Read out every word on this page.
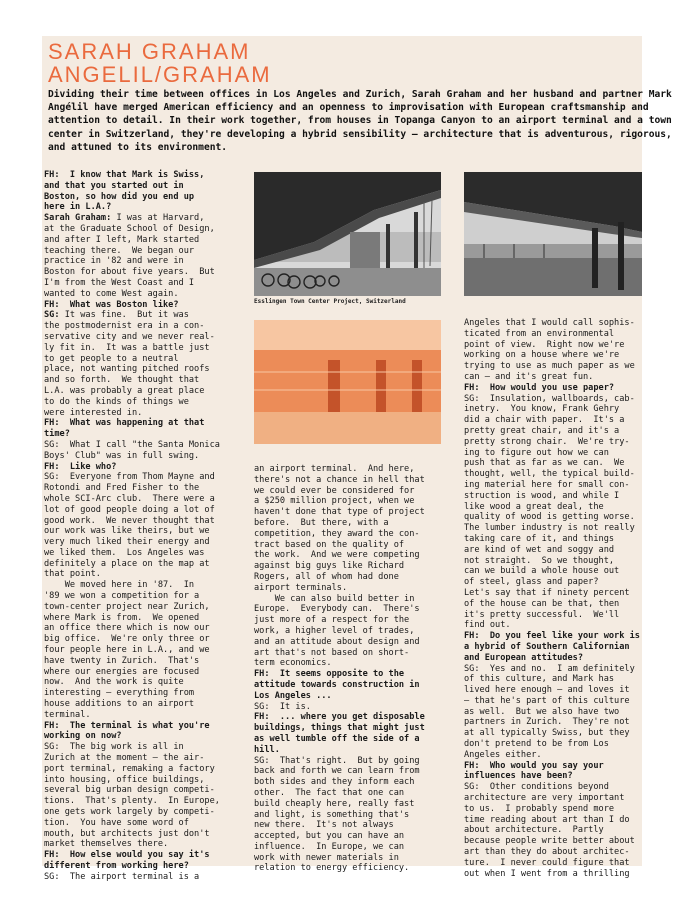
SARAH GRAHAM
ANGELIL/GRAHAM

Dividing their time between offices in Los Angeles and Zurich, Sarah Graham and her husband and partner Mark Angélil have merged American efficiency and an openness to improvisation with European craftsmanship and attention to detail. In their work together, from houses in Topanga Canyon to an airport terminal and a town center in Switzerland, they're developing a hybrid sensibility — architecture that is adventurous, rigorous, and attuned to its environment.

Esslingen Town Center Project, Switzerland
FH:  I know that Mark is Swiss,
and that you started out in
Boston, so how did you end up
here in L.A.?
Sarah Graham: I was at Harvard,
at the Graduate School of Design,
and after I left, Mark started
teaching there.  We began our
practice in '82 and were in
Boston for about five years.  But
I'm from the West Coast and I
wanted to come West again.
FH:  What was Boston like?
SG: It was fine.  But it was
the postmodernist era in a con-
servative city and we never real-
ly fit in.  It was a battle just
to get people to a neutral
place, not wanting pitched roofs
and so forth.  We thought that
L.A. was probably a great place
to do the kinds of things we
were interested in.
FH:  What was happening at that
time?
SG:  What I call "the Santa Monica
Boys' Club" was in full swing.
FH:  Like who?
SG:  Everyone from Thom Mayne and
Rotondi and Fred Fisher to the
whole SCI-Arc club.  There were a
lot of good people doing a lot of
good work.  We never thought that
our work was like theirs, but we
very much liked their energy and
we liked them.  Los Angeles was
definitely a place on the map at
that point.
We moved here in '87.  In
'89 we won a competition for a
town-center project near Zurich,
where Mark is from.  We opened
an office there which is now our
big office.  We're only three or
four people here in L.A., and we
have twenty in Zurich.  That's
where our energies are focused
now.  And the work is quite
interesting — everything from
house additions to an airport
terminal.
FH:  The terminal is what you're
working on now?
SG:  The big work is all in
Zurich at the moment — the air-
port terminal, remaking a factory
into housing, office buildings,
several big urban design competi-
tions.  That's plenty.  In Europe,
one gets work largely by competi-
tion.  You have some word of
mouth, but architects just don't
market themselves there.
FH:  How else would you say it's
different from working here?
SG:  The airport terminal is a
an airport terminal.  And here,
there's not a chance in hell that
we could ever be considered for
a $250 million project, when we
haven't done that type of project
before.  But there, with a
competition, they award the con-
tract based on the quality of
the work.  And we were competing
against big guys like Richard
Rogers, all of whom had done
airport terminals.
We can also build better in
Europe.  Everybody can.  There's
just more of a respect for the
work, a higher level of trades,
and an attitude about design and
art that's not based on short-
term economics.
FH:  It seems opposite to the
attitude towards construction in
Los Angeles ...
SG:  It is.
FH:  ... where you get disposable
buildings, things that might just
as well tumble off the side of a
hill.
SG:  That's right.  But by going
back and forth we can learn from
both sides and they inform each
other.  The fact that one can
build cheaply here, really fast
and light, is something that's
new there.  It's not always
accepted, but you can have an
influence.  In Europe, we can
work with newer materials in
relation to energy efficiency.
Angeles that I would call sophis-
ticated from an environmental
point of view.  Right now we're
working on a house where we're
trying to use as much paper as we
can — and it's great fun.
FH:  How would you use paper?
SG:  Insulation, wallboards, cab-
inetry.  You know, Frank Gehry
did a chair with paper.  It's a
pretty great chair, and it's a
pretty strong chair.  We're try-
ing to figure out how we can
push that as far as we can.  We
thought, well, the typical build-
ing material here for small con-
struction is wood, and while I
like wood a great deal, the
quality of wood is getting worse.
The lumber industry is not really
taking care of it, and things
are kind of wet and soggy and
not straight.  So we thought,
can we build a whole house out
of steel, glass and paper?
Let's say that if ninety percent
of the house can be that, then
it's pretty successful.  We'll
find out.
FH:  Do you feel like your work is
a hybrid of Southern Californian
and European attitudes?
SG:  Yes and no.  I am definitely
of this culture, and Mark has
lived here enough — and loves it
— that he's part of this culture
as well.  But we also have two
partners in Zurich.  They're not
at all typically Swiss, but they
don't pretend to be from Los
Angeles either.
FH:  Who would you say your
influences have been?
SG:  Other conditions beyond
architecture are very important
to us.  I probably spend more
time reading about art than I do
about architecture.  Partly
because people write better about
art than they do about architec-
ture.  I never could figure that
out when I went from a thrilling
